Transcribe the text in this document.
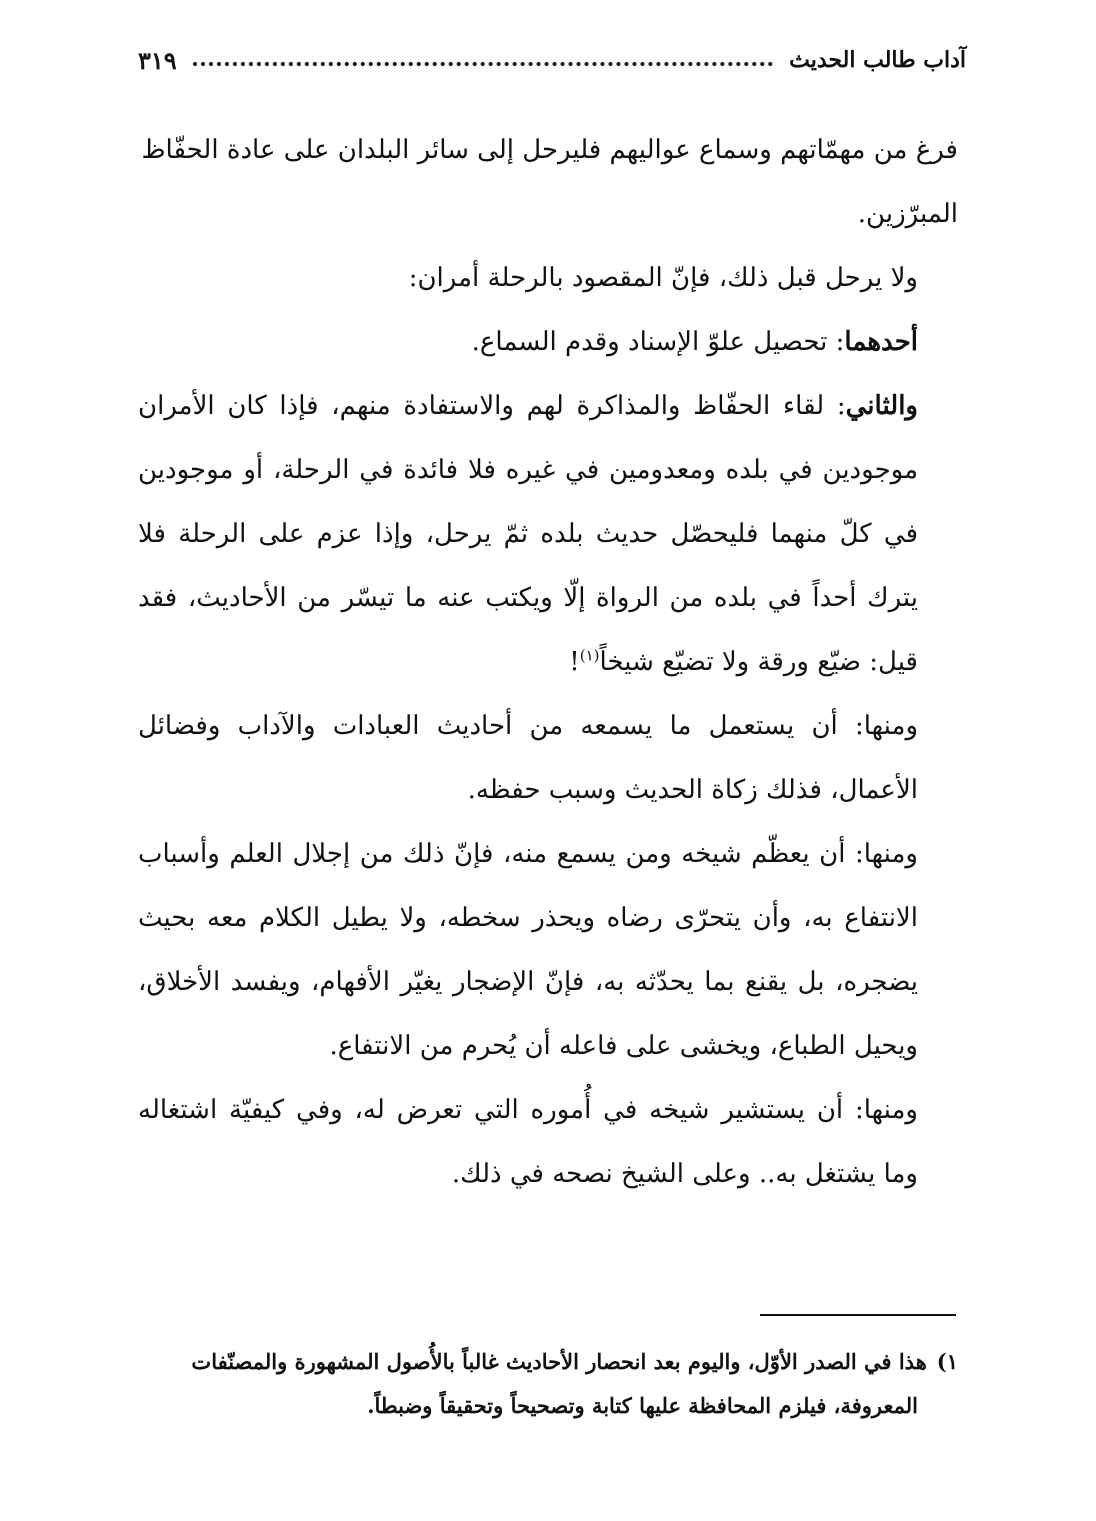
آداب طالب الحديث
٣١٩

فرغ من مهمّاتهم وسماع عواليهم فليرحل إلى سائر البلدان على عادة الحفّاظ المبرّزين.

ولا يرحل قبل ذلك، فإنّ المقصود بالرحلة أمران:

أحدهما: تحصيل علوّ الإسناد وقدم السماع.

والثاني: لقاء الحفّاظ والمذاكرة لهم والاستفادة منهم، فإذا كان الأمران موجودين في بلده ومعدومين في غيره فلا فائدة في الرحلة، أو موجودين في كلّ منهما فليحصّل حديث بلده ثمّ يرحل، وإذا عزم على الرحلة فلا يترك أحداً في بلده من الرواة إلّا ويكتب عنه ما تيسّر من الأحاديث، فقد قيل: ضيّع ورقة ولا تضيّع شيخاً$^{(١)}$!

ومنها: أن يستعمل ما يسمعه من أحاديث العبادات والآداب وفضائل الأعمال، فذلك زكاة الحديث وسبب حفظه.

ومنها: أن يعظّم شيخه ومن يسمع منه، فإنّ ذلك من إجلال العلم وأسباب الانتفاع به، وأن يتحرّى رضاه ويحذر سخطه، ولا يطيل الكلام معه بحيث يضجره، بل يقنع بما يحدّثه به، فإنّ الإضجار يغيّر الأفهام، ويفسد الأخلاق، ويحيل الطباع، ويخشى على فاعله أن يُحرم من الانتفاع.

ومنها: أن يستشير شيخه في أُموره التي تعرض له، وفي كيفيّة اشتغاله وما يشتغل به.. وعلى الشيخ نصحه في ذلك.

١)هذا في الصدر الأوّل، واليوم بعد انحصار الأحاديث غالباً بالأُصول المشهورة والمصنّفات

المعروفة، فيلزم المحافظة عليها كتابة وتصحيحاً وتحقيقاً وضبطاً.
